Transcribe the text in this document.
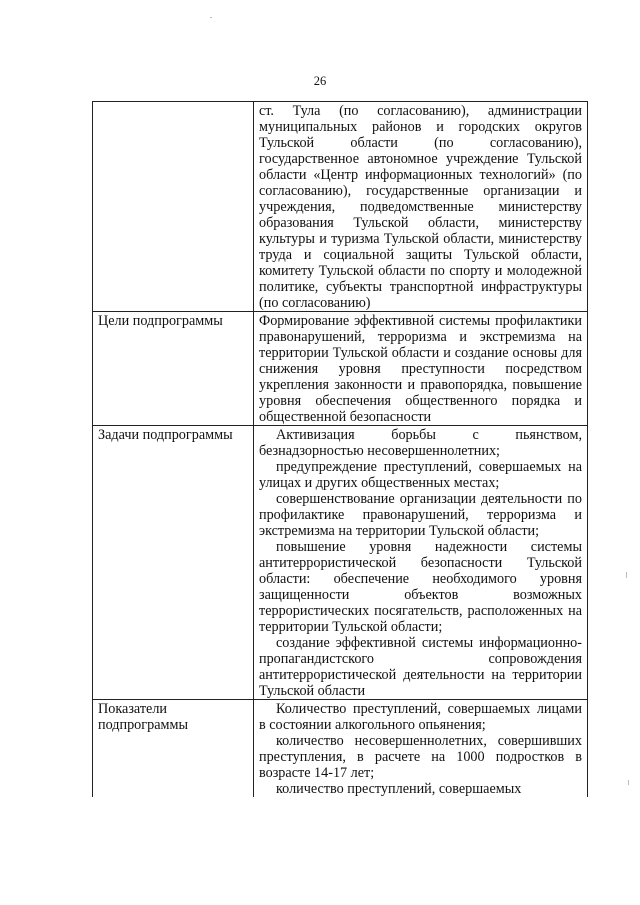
26

	ст. Тула (по согласованию), администрации муниципальных районов и городских округов Тульской области (по согласованию), государственное автономное учреждение Тульской области «Центр информационных технологий» (по согласованию), государственные организации и учреждения, подведомственные министерству образования Тульской области, министерству культуры и туризма Тульской области, министерству труда и социальной защиты Тульской области, комитету Тульской области по спорту и молодежной политике, субъекты транспортной инфраструктуры (по согласованию)

Цели подпрограммы	Формирование эффективной системы профилактики правонарушений, терроризма и экстремизма на территории Тульской области и создание основы для снижения уровня преступности посредством укрепления законности и правопорядка, повышение уровня обеспечения общественного порядка и общественной безопасности

Задачи подпрограммы	Активизация борьбы с пьянством, безнадзорностью несовершеннолетних;

предупреждение преступлений, совершаемых на улицах и других общественных местах;

совершенствование организации деятельности по профилактике правонарушений, терроризма и экстремизма на территории Тульской области;

повышение уровня надежности системы антитеррористической безопасности Тульской области: обеспечение необходимого уровня защищенности объектов возможных террористических посягательств, расположенных на территории Тульской области;

создание эффективной системы информационно-пропагандистского сопровождения антитеррористической деятельности на территории Тульской области

Показатели подпрограммы	Количество преступлений, совершаемых лицами в состоянии алкогольного опьянения;

количество несовершеннолетних, совершивших преступления, в расчете на 1000 подростков в возрасте 14-17 лет;

количество преступлений, совершаемых
